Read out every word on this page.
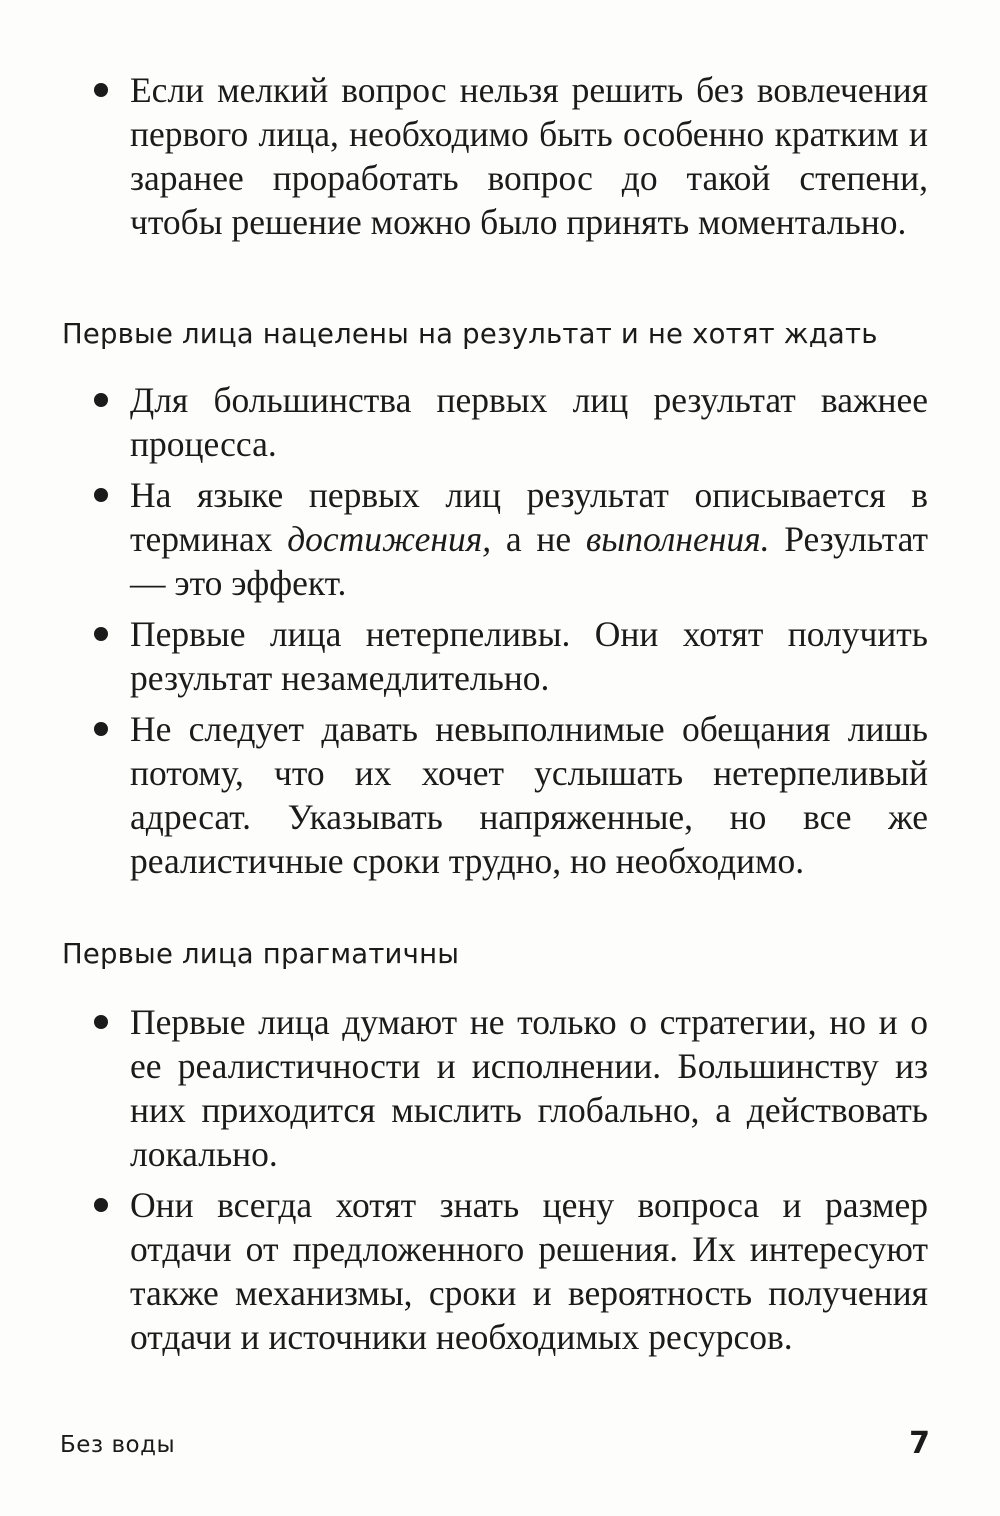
Если мелкий вопрос нельзя решить без вовлечения первого лица, необходимо быть особенно кратким и заранее проработать вопрос до такой степени, чтобы решение можно было принять моментально.
Первые лица нацелены на результат и не хотят ждать
Для большинства первых лиц результат важнее процесса.
На языке первых лиц результат описывается в терминах достижения, а не выполнения. Результат — это эффект.
Первые лица нетерпеливы. Они хотят получить результат незамедлительно.
Не следует давать невыполнимые обещания лишь потому, что их хочет услышать нетерпеливый адресат. Указывать напряженные, но все же реалистичные сроки трудно, но необходимо.
Первые лица прагматичны
Первые лица думают не только о стратегии, но и о ее реалистичности и исполнении. Большинству из них приходится мыслить глобально, а действовать локально.
Они всегда хотят знать цену вопроса и размер отдачи от предложенного решения. Их интересуют также механизмы, сроки и вероятность получения отдачи и источники необходимых ресурсов.
Без воды	7
